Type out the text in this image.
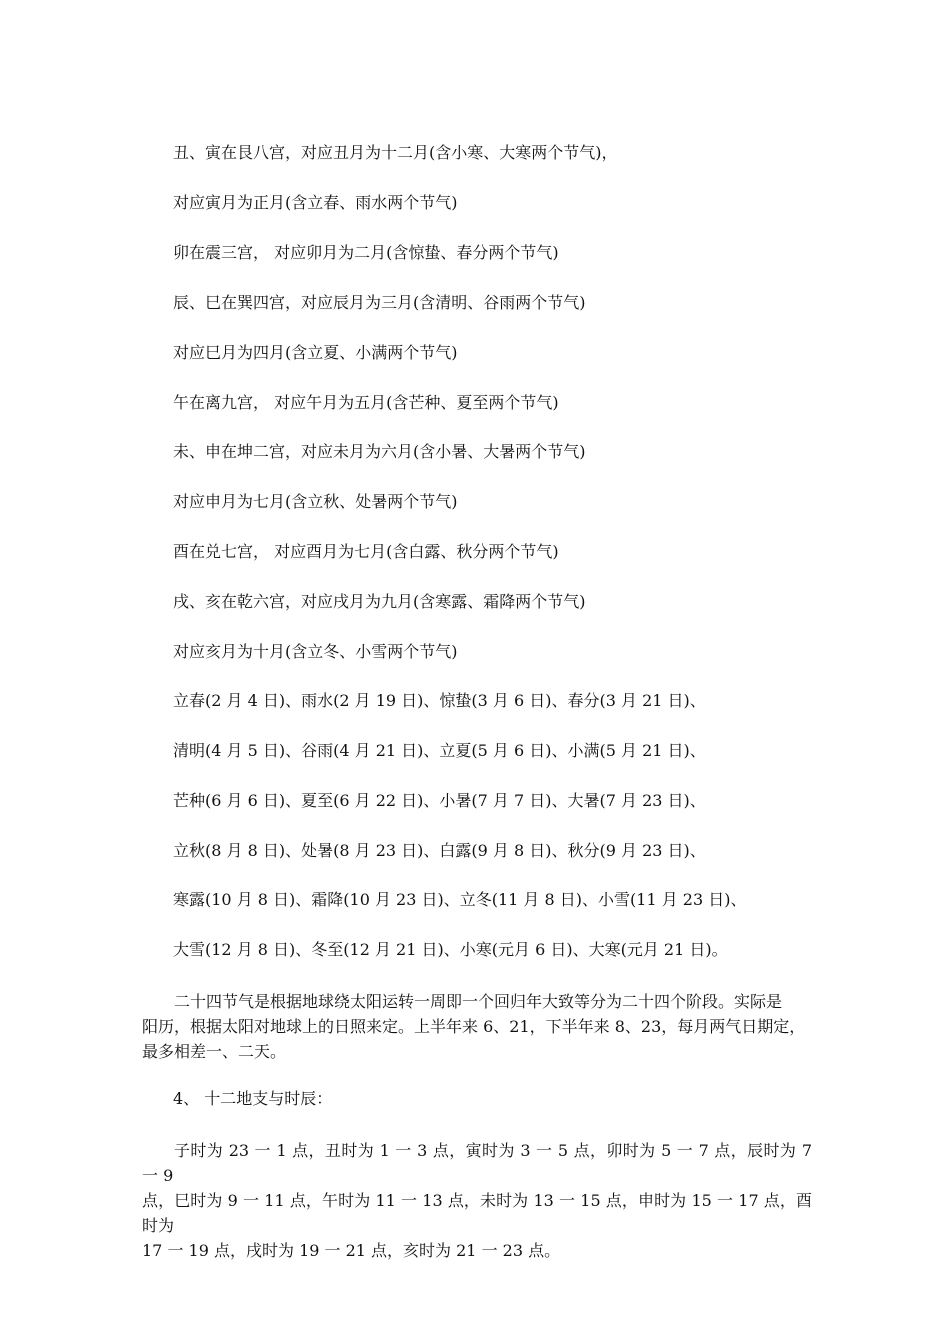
丑、寅在艮八宫，对应丑月为十二月(含小寒、大寒两个节气)，
对应寅月为正月(含立春、雨水两个节气)
卯在震三宫， 对应卯月为二月(含惊蛰、春分两个节气)
辰、巳在巽四宫，对应辰月为三月(含清明、谷雨两个节气)
对应巳月为四月(含立夏、小满两个节气)
午在离九宫， 对应午月为五月(含芒种、夏至两个节气)
未、申在坤二宫，对应未月为六月(含小暑、大暑两个节气)
对应申月为七月(含立秋、处暑两个节气)
酉在兑七宫， 对应酉月为七月(含白露、秋分两个节气)
戌、亥在乾六宫，对应戌月为九月(含寒露、霜降两个节气)
对应亥月为十月(含立冬、小雪两个节气)
立春(2 月 4 日)、雨水(2 月 19 日)、惊蛰(3 月 6 日)、春分(3 月 21 日)、
清明(4 月 5 日)、谷雨(4 月 21 日)、立夏(5 月 6 日)、小满(5 月 21 日)、
芒种(6 月 6 日)、夏至(6 月 22 日)、小暑(7 月 7 日)、大暑(7 月 23 日)、
立秋(8 月 8 日)、处暑(8 月 23 日)、白露(9 月 8 日)、秋分(9 月 23 日)、
寒露(10 月 8 日)、霜降(10 月 23 日)、立冬(11 月 8 日)、小雪(11 月 23 日)、
大雪(12 月 8 日)、冬至(12 月 21 日)、小寒(元月 6 日)、大寒(元月 21 日)。
二十四节气是根据地球绕太阳运转一周即一个回归年大致等分为二十四个阶段。实际是
阳历，根据太阳对地球上的日照来定。上半年来 6、21，下半年来 8、23，每月两气日期定，
最多相差一、二天。
4、 十二地支与时辰：
子时为 23 一 1 点，丑时为 1 一 3 点，寅时为 3 一 5 点，卯时为 5 一 7 点，辰时为 7 一 9
点，巳时为 9 一 11 点，午时为 11 一 13 点，未时为 13 一 15 点，申时为 15 一 17 点，酉时为
17 一 19 点，戌时为 19 一 21 点，亥时为 21 一 23 点。
